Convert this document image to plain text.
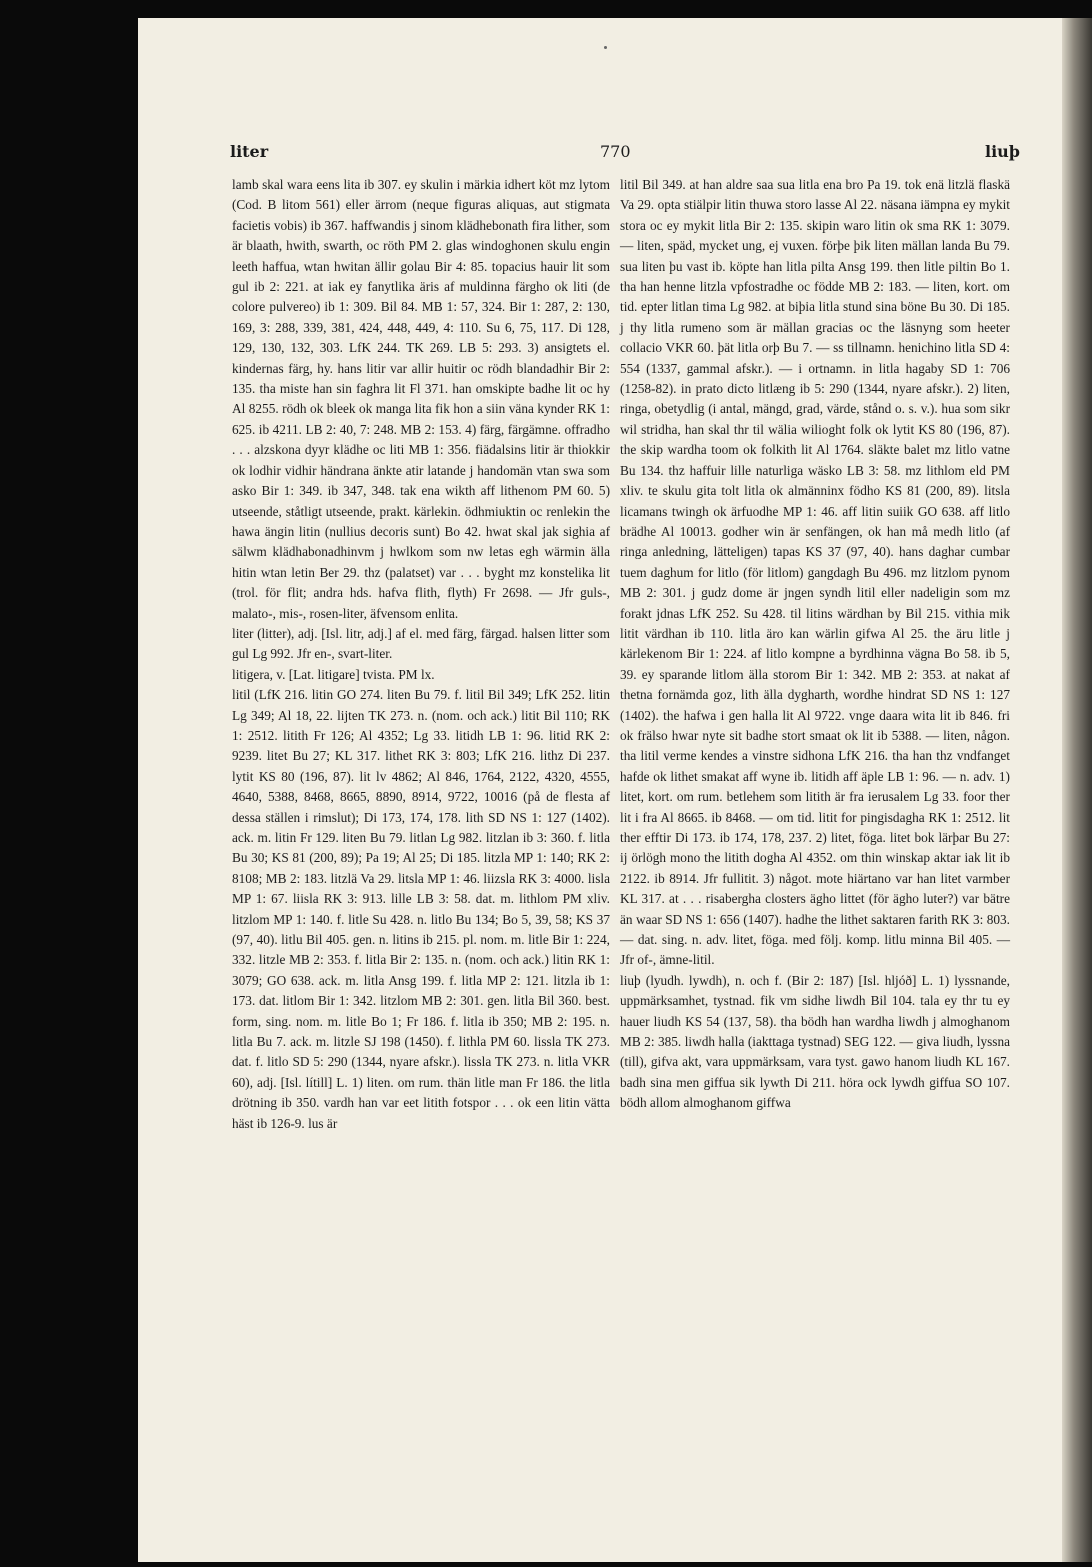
liter	770	liuþ

lamb skal wara eens lita ib 307. ey skulin i märkia idhert köt mz lytom (Cod. B litom 561) eller ärrom (neque figuras aliquas, aut stigmata facietis vobis) ib 367. haffwandis j sinom klädhebonath fira lither, som är blaath, hwith, swarth, oc röth PM 2. glas windoghonen skulu engin leeth haffua, wtan hwitan ällir golau Bir 4: 85. topacius hauir lit som gul ib 2: 221. at iak ey fanytlika äris af muldinna färgho ok liti (de colore pulvereo) ib 1: 309. Bil 84. MB 1: 57, 324. Bir 1: 287, 2: 130, 169, 3: 288, 339, 381, 424, 448, 449, 4: 110. Su 6, 75, 117. Di 128, 129, 130, 132, 303. LfK 244. TK 269. LB 5: 293. 3) ansigtets el. kindernas färg, hy. hans litir var allir huitir oc rödh blandadhir Bir 2: 135. tha miste han sin faghra lit Fl 371. han omskipte badhe lit oc hy Al 8255. rödh ok bleek ok manga lita fik hon a siin väna kynder RK 1: 625. ib 4211. LB 2: 40, 7: 248. MB 2: 153. 4) färg, färgämne. offradho . . . alzskona dyyr klädhe oc liti MB 1: 356. fiädalsins litir är thiokkir ok lodhir vidhir händrana änkte atir latande j handomän vtan swa som asko Bir 1: 349. ib 347, 348. tak ena wikth aff lithenom PM 60. 5) utseende, ståtligt utseende, prakt. kärlekin. ödhmiuktin oc renlekin the hawa ängin litin (nullius decoris sunt) Bo 42. hwat skal jak sighia af sälwm klädhabonadhinvm j hwlkom som nw letas egh wärmin älla hitin wtan letin Ber 29. thz (palatset) var . . . byght mz konstelika lit (trol. för flit; andra hds. hafva flith, flyth) Fr 2698. — Jfr guls-, malato-, mis-, rosen-liter, äfvensom enlita.

liter (litter), adj. [Isl. litr, adj.] af el. med färg, färgad. halsen litter som gul Lg 992. Jfr en-, svart-liter.

litigera, v. [Lat. litigare] tvista. PM lx.

litil (LfK 216. litin GO 274. liten Bu 79. f. litil Bil 349; LfK 252. litin Lg 349; Al 18, 22. lijten TK 273. n. (nom. och ack.) litit Bil 110; RK 1: 2512. litith Fr 126; Al 4352; Lg 33. litidh LB 1: 96. litid RK 2: 9239. litet Bu 27; KL 317. lithet RK 3: 803; LfK 216. lithz Di 237. lytit KS 80 (196, 87). lit lv 4862; Al 846, 1764, 2122, 4320, 4555, 4640, 5388, 8468, 8665, 8890, 8914, 9722, 10016 (på de flesta af dessa ställen i rimslut); Di 173, 174, 178. lith SD NS 1: 127 (1402). ack. m. litin Fr 129. liten Bu 79. litlan Lg 982. litzlan ib 3: 360. f. litla Bu 30; KS 81 (200, 89); Pa 19; Al 25; Di 185. litzla MP 1: 140; RK 2: 8108; MB 2: 183. litzlä Va 29. litsla MP 1: 46. liizsla RK 3: 4000. lisla MP 1: 67. liisla RK 3: 913. lille LB 3: 58. dat. m. lithlom PM xliv. litzlom MP 1: 140. f. litle Su 428. n. litlo Bu 134; Bo 5, 39, 58; KS 37 (97, 40). litlu Bil 405. gen. n. litins ib 215. pl. nom. m. litle Bir 1: 224, 332. litzle MB 2: 353. f. litla Bir 2: 135. n. (nom. och ack.) litin RK 1: 3079; GO 638. ack. m. litla Ansg 199. f. litla MP 2: 121. litzla ib 1: 173. dat. litlom Bir 1: 342. litzlom MB 2: 301. gen. litla Bil 360. best. form, sing. nom. m. litle Bo 1; Fr 186. f. litla ib 350; MB 2: 195. n. litla Bu 7. ack. m. litzle SJ 198 (1450). f. lithla PM 60. lissla TK 273. dat. f. litlo SD 5: 290 (1344, nyare afskr.). lissla TK 273. n. litla VKR 60), adj. [Isl. lítill] L. 1) liten. om rum. thän litle man Fr 186. the litla drötning ib 350. vardh han var eet litith fotspor . . . ok een litin vätta häst ib 126-9. lus är

litil Bil 349. at han aldre saa sua litla ena bro Pa 19. tok enä litzlä flaskä Va 29. opta stiälpir litin thuwa storo lasse Al 22. näsana iämpna ey mykit stora oc ey mykit litla Bir 2: 135. skipin waro litin ok sma RK 1: 3079. — liten, späd, mycket ung, ej vuxen. förþe þik liten mällan landa Bu 79. sua liten þu vast ib. köpte han litla pilta Ansg 199. then litle piltin Bo 1. tha han henne litzla vpfostradhe oc födde MB 2: 183. — liten, kort. om tid. epter litlan tima Lg 982. at biþia litla stund sina böne Bu 30. Di 185. j thy litla rumeno som är mällan gracias oc the läsnyng som heeter collacio VKR 60. þät litla orþ Bu 7. — ss tillnamn. henichino litla SD 4: 554 (1337, gammal afskr.). — i ortnamn. in litla hagaby SD 1: 706 (1258-82). in prato dicto litlæng ib 5: 290 (1344, nyare afskr.). 2) liten, ringa, obetydlig (i antal, mängd, grad, värde, stånd o. s. v.). hua som sikr wil stridha, han skal thr til wälia wilioght folk ok lytit KS 80 (196, 87). the skip wardha toom ok folkith lit Al 1764. släkte balet mz litlo vatne Bu 134. thz haffuir lille naturliga wäsko LB 3: 58. mz lithlom eld PM xliv. te skulu gita tolt litla ok almänninx födho KS 81 (200, 89). litsla licamans twingh ok ärfuodhe MP 1: 46. aff litin suiik GO 638. aff litlo brädhe Al 10013. godher win är senfängen, ok han må medh litlo (af ringa anledning, lätteligen) tapas KS 37 (97, 40). hans daghar cumbar tuem daghum for litlo (för litlom) gangdagh Bu 496. mz litzlom pynom MB 2: 301. j gudz dome är jngen syndh litil eller nadeligin som mz forakt jdnas LfK 252. Su 428. til litins wärdhan by Bil 215. vithia mik litit värdhan ib 110. litla äro kan wärlin gifwa Al 25. the äru litle j kärlekenom Bir 1: 224. af litlo kompne a byrdhinna vägna Bo 58. ib 5, 39. ey sparande litlom älla storom Bir 1: 342. MB 2: 353. at nakat af thetna fornämda goz, lith älla dygharth, wordhe hindrat SD NS 1: 127 (1402). the hafwa i gen halla lit Al 9722. vnge daara wita lit ib 846. fri ok frälso hwar nyte sit badhe stort smaat ok lit ib 5388. — liten, någon. tha litil verme kendes a vinstre sidhona LfK 216. tha han thz vndfanget hafde ok lithet smakat aff wyne ib. litidh aff äple LB 1: 96. — n. adv. 1) litet, kort. om rum. betlehem som litith är fra ierusalem Lg 33. foor ther lit i fra Al 8665. ib 8468. — om tid. litit for pingisdagha RK 1: 2512. lit ther efftir Di 173. ib 174, 178, 237. 2) litet, föga. litet bok lärþar Bu 27: ij örlögh mono the litith dogha Al 4352. om thin winskap aktar iak lit ib 2122. ib 8914. Jfr fullitit. 3) något. mote hiärtano var han litet varmber KL 317. at . . . risabergha closters ägho littet (för ägho luter?) var bätre än waar SD NS 1: 656 (1407). hadhe the lithet saktaren farith RK 3: 803. — dat. sing. n. adv. litet, föga. med följ. komp. litlu minna Bil 405. — Jfr of-, ämne-litil.

liuþ (lyudh. lywdh), n. och f. (Bir 2: 187) [Isl. hljóð] L. 1) lyssnande, uppmärksamhet, tystnad. fik vm sidhe liwdh Bil 104. tala ey thr tu ey hauer liudh KS 54 (137, 58). tha bödh han wardha liwdh j almoghanom MB 2: 385. liwdh halla (iakttaga tystnad) SEG 122. — giva liudh, lyssna (till), gifva akt, vara uppmärksam, vara tyst. gawo hanom liudh KL 167. badh sina men giffua sik lywth Di 211. höra ock lywdh giffua SO 107. bödh allom almoghanom giffwa
